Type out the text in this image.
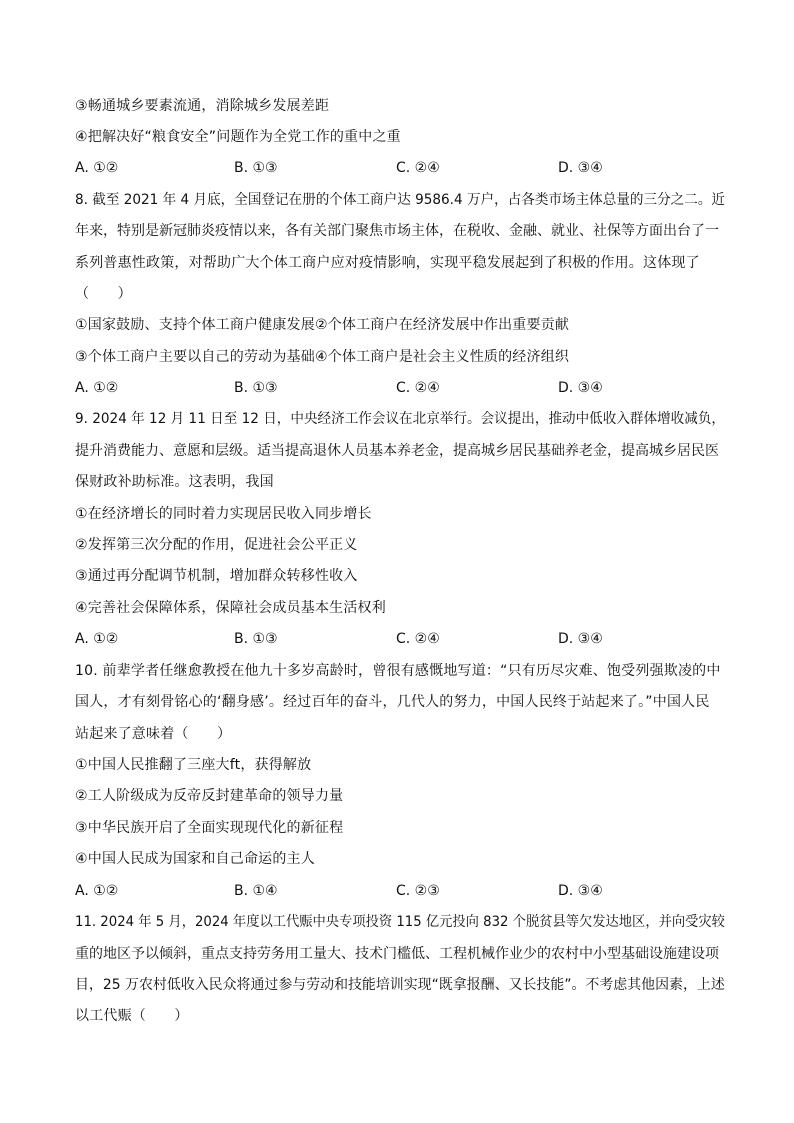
③畅通城乡要素流通，消除城乡发展差距
④把解决好“粮食安全”问题作为全党工作的重中之重
A. ①②	B. ①③	C. ②④	D. ③④
8. 截至 2021 年 4 月底，全国登记在册的个体工商户达 9586.4 万户，占各类市场主体总量的三分之二。近
年来，特别是新冠肺炎疫情以来，各有关部门聚焦市场主体，在税收、金融、就业、社保等方面出台了一
系列普惠性政策，对帮助广大个体工商户应对疫情影响，实现平稳发展起到了积极的作用。这体现了
（　　）
①国家鼓励、支持个体工商户健康发展②个体工商户在经济发展中作出重要贡献
③个体工商户主要以自己的劳动为基础④个体工商户是社会主义性质的经济组织
A. ①②	B. ①③	C. ②④	D. ③④
9. 2024 年 12 月 11 日至 12 日，中央经济工作会议在北京举行。会议提出，推动中低收入群体增收减负，
提升消费能力、意愿和层级。适当提高退休人员基本养老金，提高城乡居民基础养老金，提高城乡居民医
保财政补助标准。这表明，我国
①在经济增长的同时着力实现居民收入同步增长
②发挥第三次分配的作用，促进社会公平正义
③通过再分配调节机制，增加群众转移性收入
④完善社会保障体系，保障社会成员基本生活权利
A. ①②	B. ①③	C. ②④	D. ③④
10. 前辈学者任继愈教授在他九十多岁高龄时，曾很有感慨地写道：“只有历尽灾难、饱受列强欺凌的中
国人，才有刻骨铭心的‘翻身感’。经过百年的奋斗，几代人的努力，中国人民终于站起来了。”中国人民
站起来了意味着（　　）
①中国人民推翻了三座大ft，获得解放
②工人阶级成为反帝反封建革命的领导力量
③中华民族开启了全面实现现代化的新征程
④中国人民成为国家和自己命运的主人
A. ①②	B. ①④	C. ②③	D. ③④
11. 2024 年 5 月，2024 年度以工代赈中央专项投资 115 亿元投向 832 个脱贫县等欠发达地区，并向受灾较
重的地区予以倾斜，重点支持劳务用工量大、技术门槛低、工程机械作业少的农村中小型基础设施建设项
目，25 万农村低收入民众将通过参与劳动和技能培训实现“既拿报酬、又长技能”。不考虑其他因素，上述
以工代赈（　　）
